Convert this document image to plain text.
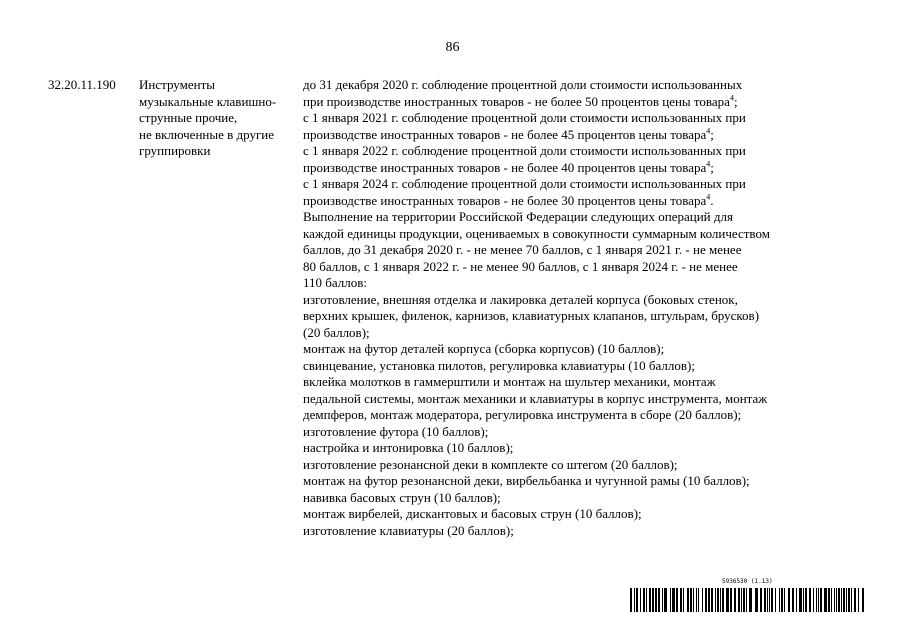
86
32.20.11.190 Инструменты
музыкальные клавишно-
струнные прочие,
не включенные в другие
группировки
до 31 декабря 2020 г. соблюдение процентной доли стоимости использованных
при производстве иностранных товаров - не более 50 процентов цены товара$^4$;
с 1 января 2021 г. соблюдение процентной доли стоимости использованных при
производстве иностранных товаров - не более 45 процентов цены товара$^4$;
с 1 января 2022 г. соблюдение процентной доли стоимости использованных при
производстве иностранных товаров - не более 40 процентов цены товара$^4$;
с 1 января 2024 г. соблюдение процентной доли стоимости использованных при
производстве иностранных товаров - не более 30 процентов цены товара$^4$.
Выполнение на территории Российской Федерации следующих операций для
каждой единицы продукции, оцениваемых в совокупности суммарным количеством
баллов, до 31 декабря 2020 г. - не менее 70 баллов, с 1 января 2021 г. - не менее
80 баллов, с 1 января 2022 г. - не менее 90 баллов, с 1 января 2024 г. - не менее
110 баллов:
изготовление, внешняя отделка и лакировка деталей корпуса (боковых стенок,
верхних крышек, филенок, карнизов, клавиатурных клапанов, штульрам, брусков)
(20 баллов);
монтаж на футор деталей корпуса (сборка корпусов) (10 баллов);
свинцевание, установка пилотов, регулировка клавиатуры (10 баллов);
вклейка молотков в гаммерштили и монтаж на шультер механики, монтаж
педальной системы, монтаж механики и клавиатуры в корпус инструмента, монтаж
демпферов, монтаж модератора, регулировка инструмента в сборе (20 баллов);
изготовление футора (10 баллов);
настройка и интонировка (10 баллов);
изготовление резонансной деки в комплекте со штегом (20 баллов);
монтаж на футор резонансной деки, вирбельбанка и чугунной рамы (10 баллов);
навивка басовых струн (10 баллов);
монтаж вирбелей, дискантовых и басовых струн (10 баллов);
изготовление клавиатуры (20 баллов);
5936530 (1.13)
